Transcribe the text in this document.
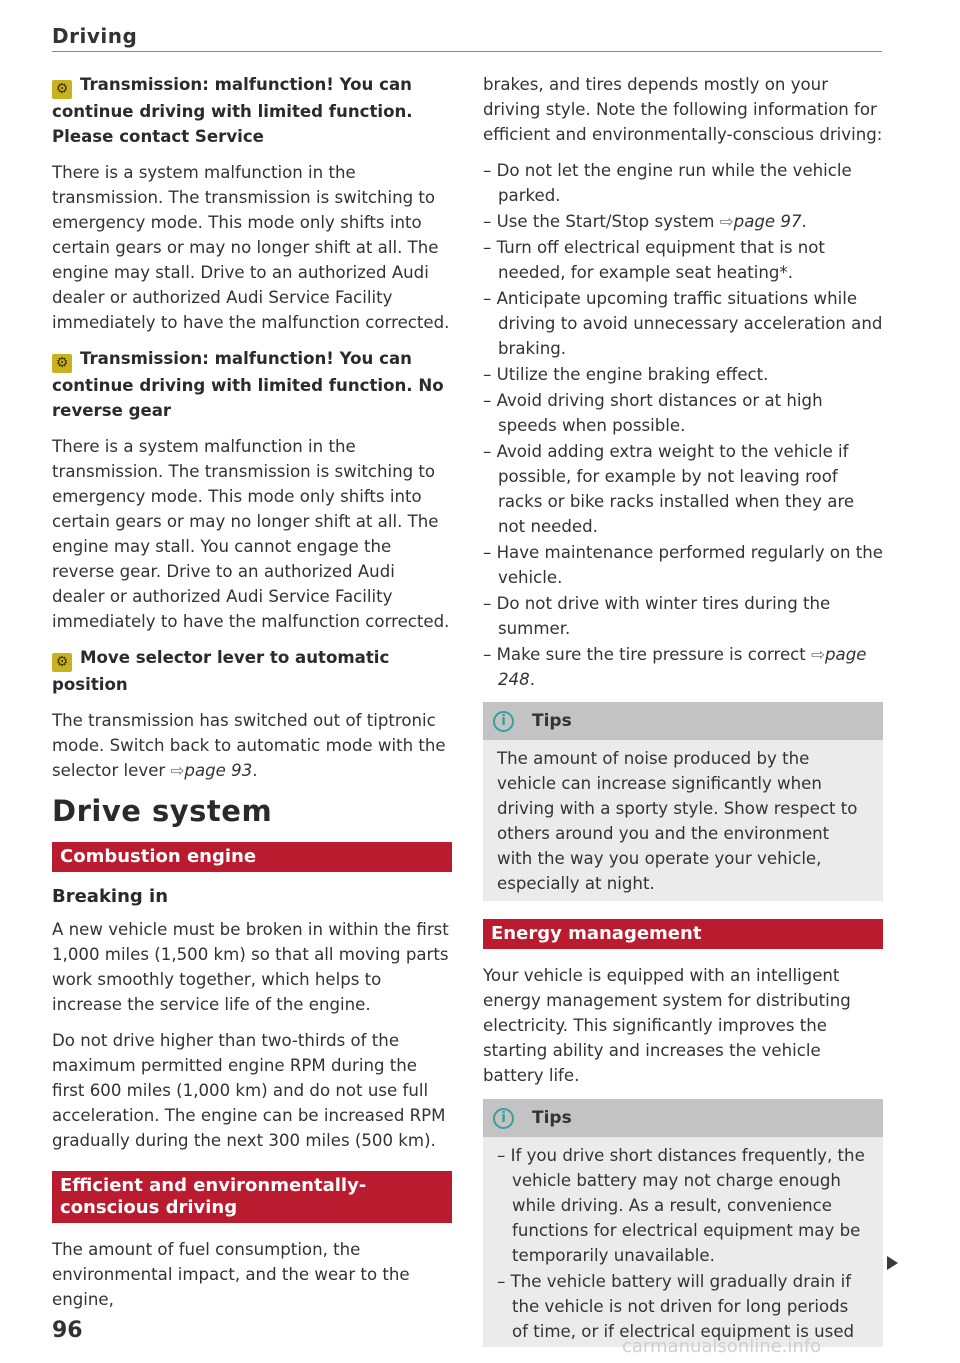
Driving
⚙ Transmission: malfunction! You can continue driving with limited function. Please contact Service

There is a system malfunction in the transmission. The transmission is switching to emergency mode. This mode only shifts into certain gears or may no longer shift at all. The engine may stall. Drive to an authorized Audi dealer or authorized Audi Service Facility immediately to have the malfunction corrected.

⚙ Transmission: malfunction! You can continue driving with limited function. No reverse gear

There is a system malfunction in the transmission. The transmission is switching to emergency mode. This mode only shifts into certain gears or may no longer shift at all. The engine may stall. You cannot engage the reverse gear. Drive to an authorized Audi dealer or authorized Audi Service Facility immediately to have the malfunction corrected.

⚙ Move selector lever to automatic position

The transmission has switched out of tiptronic mode. Switch back to automatic mode with the selector lever ⇨page 93.

Drive system
Combustion engine
Breaking in

A new vehicle must be broken in within the first 1,000 miles (1,500 km) so that all moving parts work smoothly together, which helps to increase the service life of the engine.

Do not drive higher than two-thirds of the maximum permitted engine RPM during the first 600 miles (1,000 km) and do not use full acceleration. The engine can be increased RPM gradually during the next 300 miles (500 km).

Efficient and environmentally-conscious driving

The amount of fuel consumption, the environmental impact, and the wear to the engine,

brakes, and tires depends mostly on your driving style. Note the following information for efficient and environmentally-conscious driving:

– Do not let the engine run while the vehicle parked.
– Use the Start/Stop system ⇨page 97.
– Turn off electrical equipment that is not needed, for example seat heating*.
– Anticipate upcoming traffic situations while driving to avoid unnecessary acceleration and braking.
– Utilize the engine braking effect.
– Avoid driving short distances or at high speeds when possible.
– Avoid adding extra weight to the vehicle if possible, for example by not leaving roof racks or bike racks installed when they are not needed.
– Have maintenance performed regularly on the vehicle.
– Do not drive with winter tires during the summer.
– Make sure the tire pressure is correct ⇨page 248.
i	Tips

The amount of noise produced by the vehicle can increase significantly when driving with a sporty style. Show respect to others around you and the environment with the way you operate your vehicle, especially at night.

Energy management

Your vehicle is equipped with an intelligent energy management system for distributing electricity. This significantly improves the starting ability and increases the vehicle battery life.

i	Tips
– If you drive short distances frequently, the vehicle battery may not charge enough while driving. As a result, convenience functions for electrical equipment may be temporarily unavailable.
– The vehicle battery will gradually drain if the vehicle is not driven for long periods of time, or if electrical equipment is used
96
carmanualsonline.info
